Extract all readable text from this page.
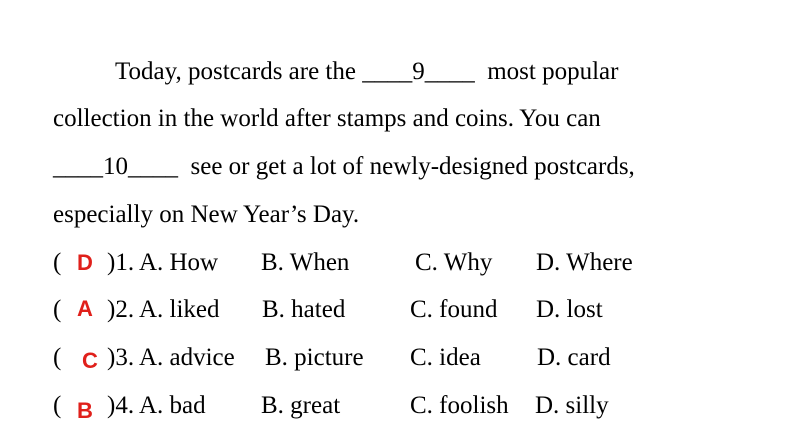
Today, postcards are the ____9____  most popular
collection in the world after stamps and coins. You can
____10____  see or get a lot of newly-designed postcards,
especially on New Year’s Day.
( D )1. A. How B. When	C. Why D. Where
( A )2. A. liked B. hated	C. found D. lost
( C )3. A. advice B. picture C. idea D. card
( B )4. A. bad B. great	C. foolish D. silly
